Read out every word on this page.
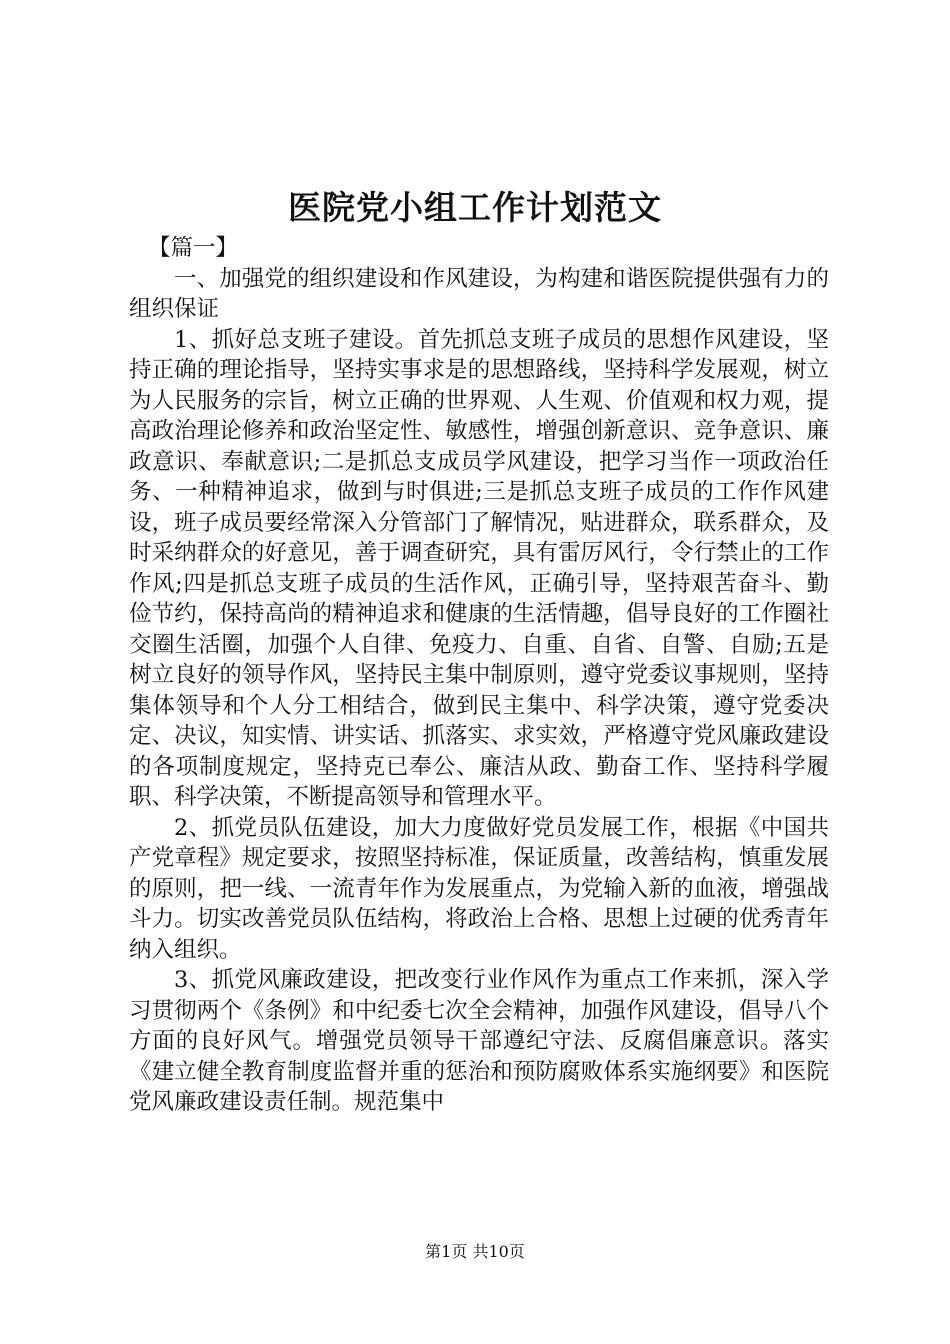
医院党小组工作计划范文

【篇一】

一、加强党的组织建设和作风建设，为构建和谐医院提供强有力的组织保证

1、抓好总支班子建设。首先抓总支班子成员的思想作风建设，坚持正确的理论指导，坚持实事求是的思想路线，坚持科学发展观，树立为人民服务的宗旨，树立正确的世界观、人生观、价值观和权力观，提高政治理论修养和政治坚定性、敏感性，增强创新意识、竞争意识、廉政意识、奉献意识;二是抓总支成员学风建设，把学习当作一项政治任务、一种精神追求，做到与时俱进;三是抓总支班子成员的工作作风建设，班子成员要经常深入分管部门了解情况，贴进群众，联系群众，及时采纳群众的好意见，善于调查研究，具有雷厉风行，令行禁止的工作作风;四是抓总支班子成员的生活作风，正确引导，坚持艰苦奋斗、勤俭节约，保持高尚的精神追求和健康的生活情趣，倡导良好的工作圈社交圈生活圈，加强个人自律、免疫力、自重、自省、自警、自励;五是树立良好的领导作风，坚持民主集中制原则，遵守党委议事规则，坚持集体领导和个人分工相结合，做到民主集中、科学决策，遵守党委决定、决议，知实情、讲实话、抓落实、求实效，严格遵守党风廉政建设的各项制度规定，坚持克已奉公、廉洁从政、勤奋工作、坚持科学履职、科学决策，不断提高领导和管理水平。

2、抓党员队伍建设，加大力度做好党员发展工作，根据《中国共产党章程》规定要求，按照坚持标准，保证质量，改善结构，慎重发展的原则，把一线、一流青年作为发展重点，为党输入新的血液，增强战斗力。切实改善党员队伍结构，将政治上合格、思想上过硬的优秀青年纳入组织。

3、抓党风廉政建设，把改变行业作风作为重点工作来抓，深入学习贯彻两个《条例》和中纪委七次全会精神，加强作风建设，倡导八个方面的良好风气。增强党员领导干部遵纪守法、反腐倡廉意识。落实《建立健全教育制度监督并重的惩治和预防腐败体系实施纲要》和医院党风廉政建设责任制。规范集中

第1页 共10页
